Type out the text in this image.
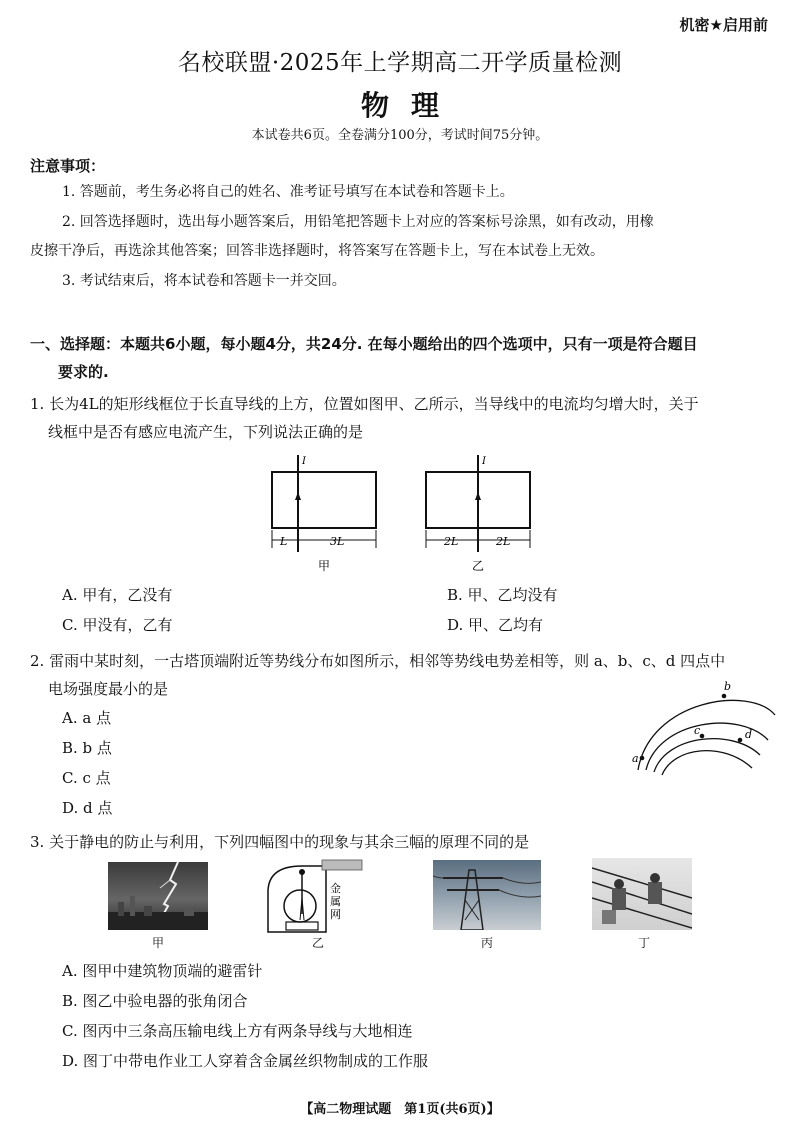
机密★启用前
名校联盟·2025年上学期高二开学质量检测
物理
本试卷共6页。全卷满分100分，考试时间75分钟。
注意事项：
1. 答题前，考生务必将自己的姓名、准考证号填写在本试卷和答题卡上。
2. 回答选择题时，选出每小题答案后，用铅笔把答题卡上对应的答案标号涂黑，如有改动，用橡
皮擦干净后，再选涂其他答案；回答非选择题时，将答案写在答题卡上，写在本试卷上无效。
3. 考试结束后，将本试卷和答题卡一并交回。
一、选择题：本题共6小题，每小题4分，共24分. 在每小题给出的四个选项中，只有一项是符合题目
要求的.
1. 长为4L的矩形线框位于长直导线的上方，位置如图甲、乙所示，当导线中的电流均匀增大时，关于
线框中是否有感应电流产生，下列说法正确的是
I
L	3L
甲
I
2L	2L
乙
A. 甲有，乙没有	B. 甲、乙均没有
C. 甲没有，乙有	D. 甲、乙均有
2. 雷雨中某时刻，一古塔顶端附近等势线分布如图所示，相邻等势线电势差相等，则 a、b、c、d 四点中
电场强度最小的是
A. a 点
B. b 点
C. c 点
D. d 点
b
c	d
a
3. 关于静电的防止与利用，下列四幅图中的现象与其余三幅的原理不同的是
甲
金
属
网
乙	丙	丁
A. 图甲中建筑物顶端的避雷针
B. 图乙中验电器的张角闭合
C. 图丙中三条高压输电线上方有两条导线与大地相连
D. 图丁中带电作业工人穿着含金属丝织物制成的工作服
【高二物理试题　第1页(共6页)】
